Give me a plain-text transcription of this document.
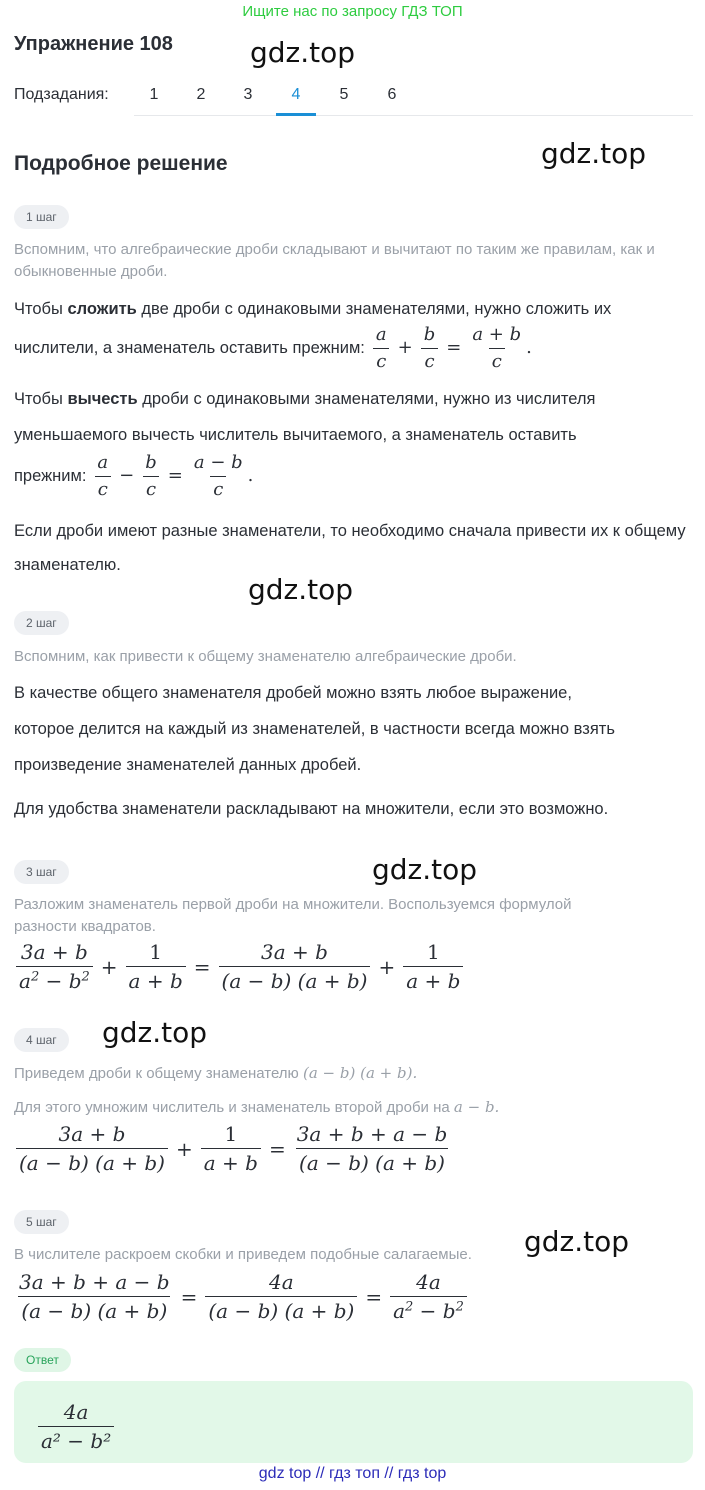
Ищите нас по запросу ГДЗ ТОП
Упражнение 108	gdz.top
gdz.top
gdz.top
gdz.top
gdz.top
gdz.top
Подзадания:	1	2	3	4	5	6
Подробное решение
1 шаг
Вспомним, что алгебраические дроби складывают и вычитают по таким же правилам, как и обыкновенные дроби.
Чтобы сложить две дроби с одинаковыми знаменателями, нужно сложить их
числители, а знаменатель оставить прежним: $\frac{a}{c} + \frac{b}{c} = \frac{a + b}{c}$ .
Чтобы вычесть дроби с одинаковыми знаменателями, нужно из числителя
уменьшаемого вычесть числитель вычитаемого, а знаменатель оставить
прежним: $\frac{a}{c} - \frac{b}{c} = \frac{a - b}{c}$ .
Если дроби имеют разные знаменатели, то необходимо сначала привести их к общему знаменателю.
2 шаг
Вспомним, как привести к общему знаменателю алгебраические дроби.
В качестве общего знаменателя дробей можно взять любое выражение,
которое делится на каждый из знаменателей, в частности всегда можно взять
произведение знаменателей данных дробей.
Для удобства знаменатели раскладывают на множители, если это возможно.
3 шаг
Разложим знаменатель первой дроби на множители. Воспользуемся формулой разности квадратов.
$\frac{3a + b}{a^2 - b^2} + \frac{1}{a + b} = \frac{3a + b}{(a - b) (a + b)} + \frac{1}{a + b}$
4 шаг
Приведем дроби к общему знаменателю (a − b) (a + b).
Для этого умножим числитель и знаменатель второй дроби на a − b.
$\frac{3a + b}{(a - b) (a + b)} + \frac{1}{a + b} = \frac{3a + b + a - b}{(a - b) (a + b)}$
5 шаг
В числителе раскроем скобки и приведем подобные салагаемые.
$\frac{3a + b + a - b}{(a - b) (a + b)} = \frac{4a}{(a - b) (a + b)} = \frac{4a}{a^2 - b^2}$
Ответ
$\frac{4a}{\text{a² − b²}}$
gdz top // гдз топ // гдз top
